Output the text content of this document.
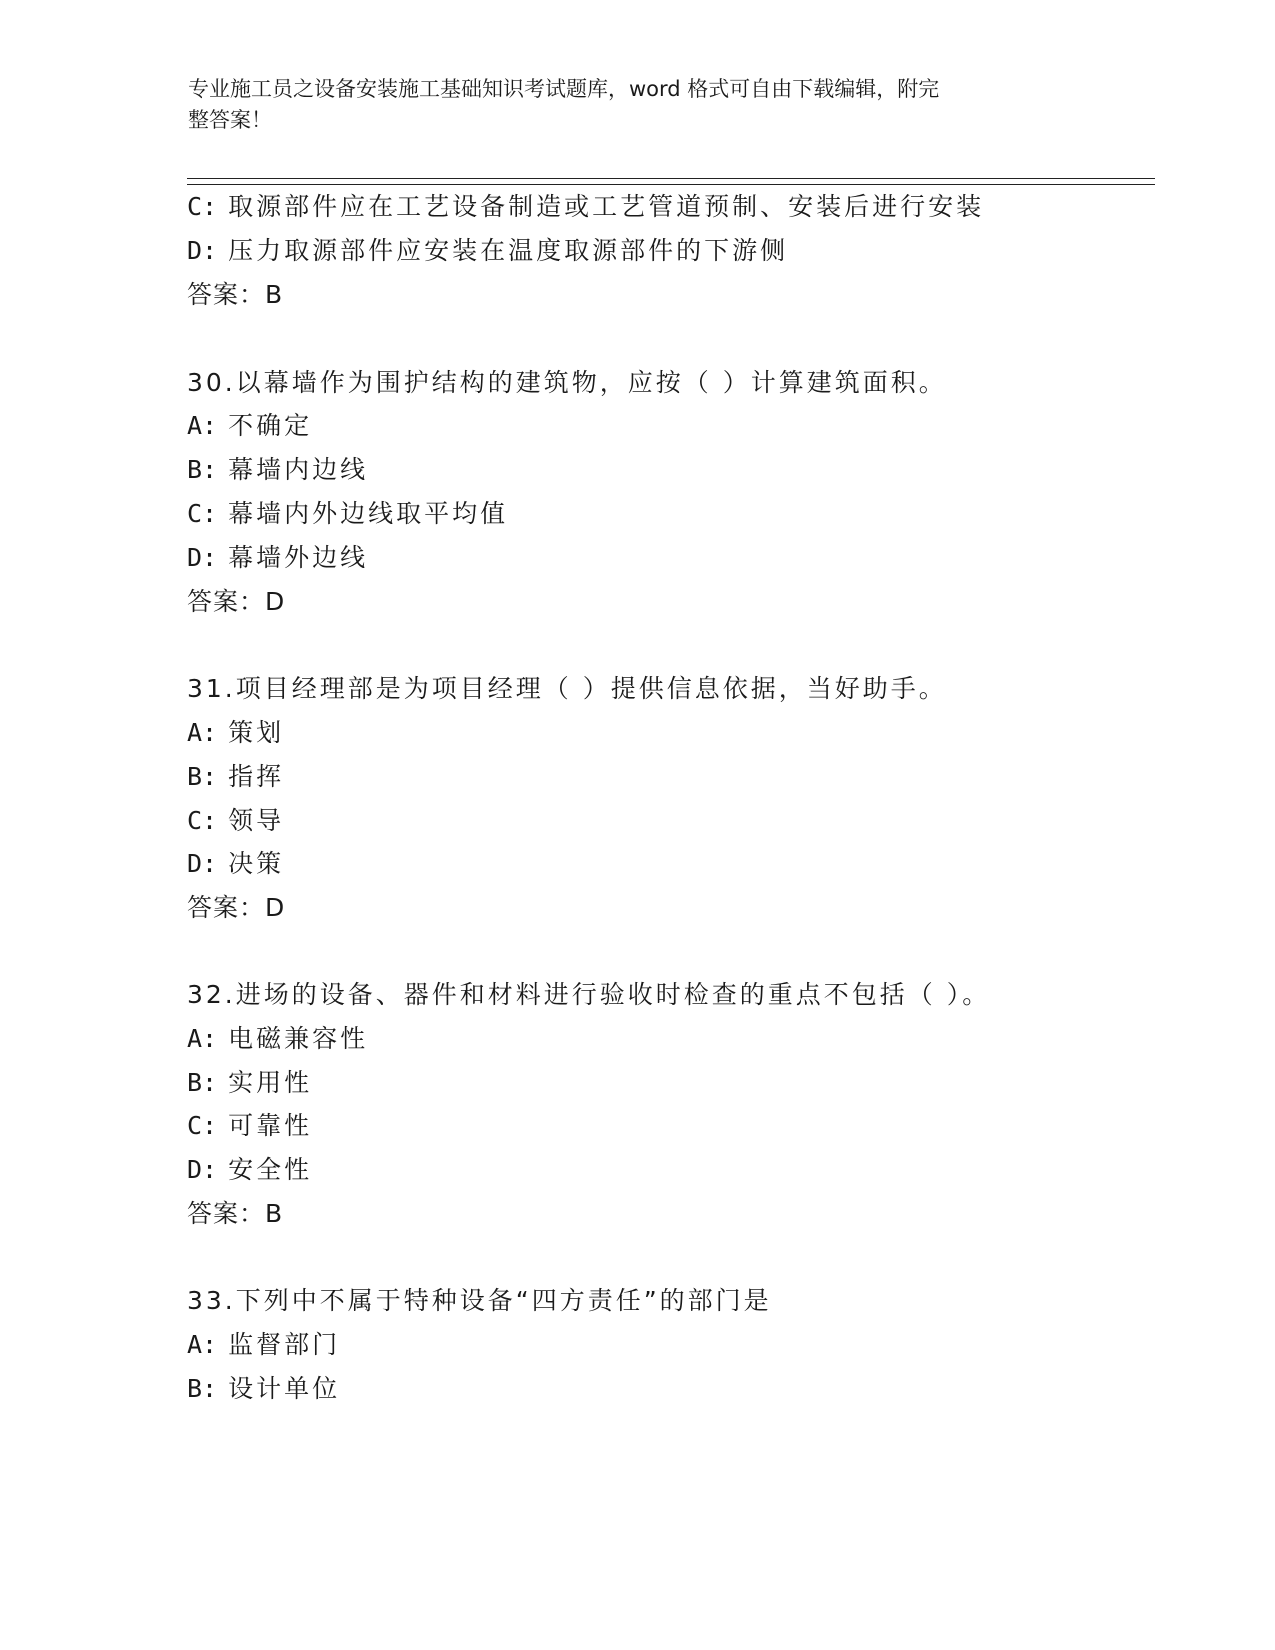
专业施工员之设备安装施工基础知识考试题库，word 格式可自由下载编辑，附完
整答案！
C: 取源部件应在工艺设备制造或工艺管道预制、安装后进行安装
D: 压力取源部件应安装在温度取源部件的下游侧
答案：B
30.以幕墙作为围护结构的建筑物，应按（ ）计算建筑面积。
A: 不确定
B: 幕墙内边线
C: 幕墙内外边线取平均值
D: 幕墙外边线
答案：D
31.项目经理部是为项目经理（ ）提供信息依据，当好助手。
A: 策划
B: 指挥
C: 领导
D: 决策
答案：D
32.进场的设备、器件和材料进行验收时检查的重点不包括（ ）。
A: 电磁兼容性
B: 实用性
C: 可靠性
D: 安全性
答案：B
33.下列中不属于特种设备“四方责任”的部门是
A: 监督部门
B: 设计单位
